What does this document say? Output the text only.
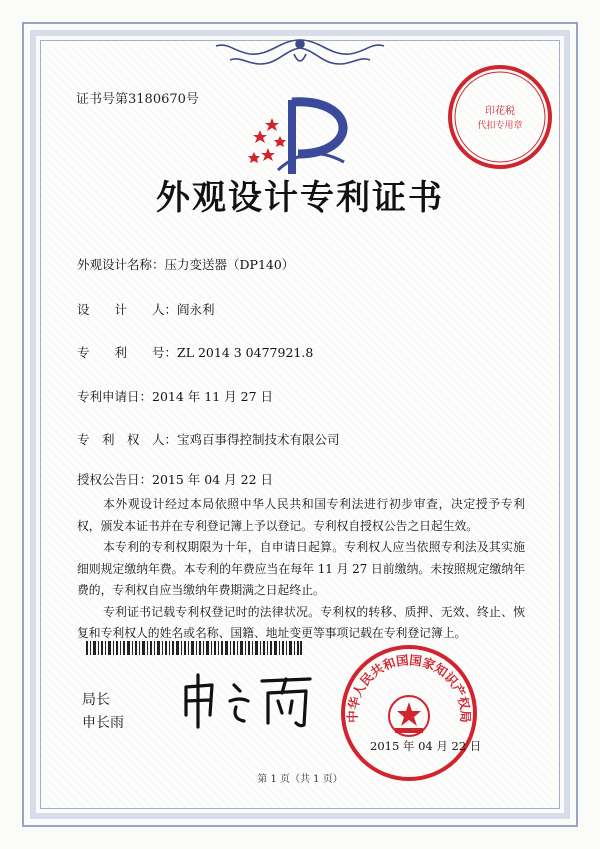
证书号第3180670号
印花税
代扣专用章
外观设计专利证书
外观设计名称：压力变送器（DP140）
设　　计　　人：阎永利
专　　利　　号：ZL 2014 3 0477921.8
专利申请日：2014 年 11 月 27 日
专　利　权　人：宝鸡百事得控制技术有限公司
授权公告日：2015 年 04 月 22 日

本外观设计经过本局依照中华人民共和国专利法进行初步审查，决定授予专利权，颁发本证书并在专利登记簿上予以登记。专利权自授权公告之日起生效。

本专利的专利权期限为十年，自申请日起算。专利权人应当依照专利法及其实施细则规定缴纳年费。本专利的年费应当在每年 11 月 27 日前缴纳。未按照规定缴纳年费的，专利权自应当缴纳年费期满之日起终止。

专利证书记载专利权登记时的法律状况。专利权的转移、质押、无效、终止、恢复和专利权人的姓名或名称、国籍、地址变更等事项记载在专利登记簿上。

局长
申长雨	中华人民共和国国家知识产权局
2015 年 04 月 22 日
第 1 页（共 1 页）
